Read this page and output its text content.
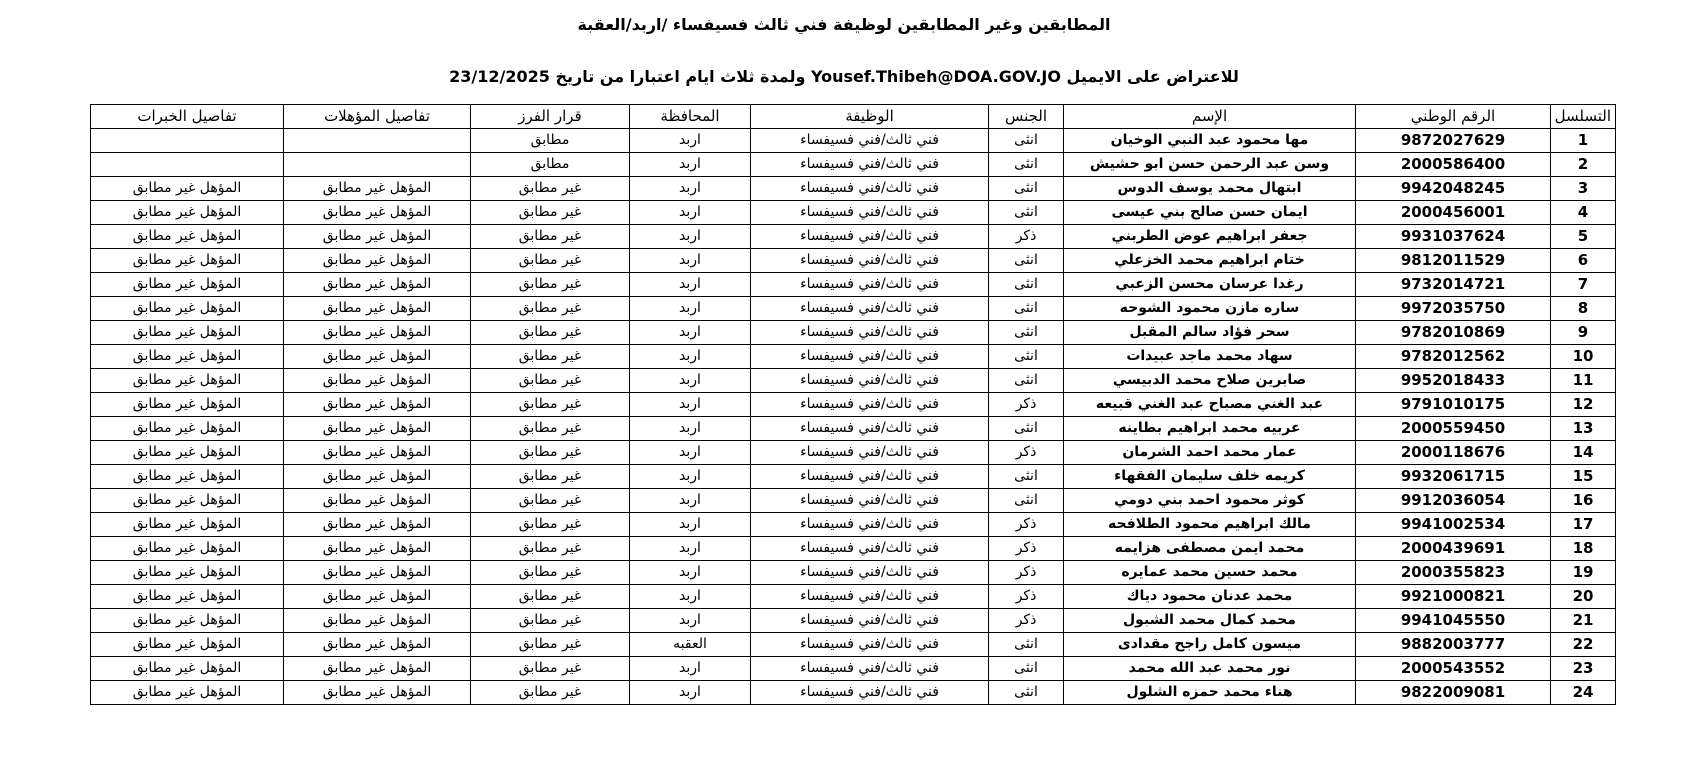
المطابقين وغير المطابقين لوظيفة فني ثالث فسيفساء /اربد/العقبة
للاعتراض على الايميل Yousef.Thibeh@DOA.GOV.JO ولمدة ثلاث ايام اعتبارا من تاريخ 23/12/2025
التسلسل	الرقم الوطني	الإسم	الجنس	الوظيفة	المحافظة	قرار الفرز	تفاصيل المؤهلات	تفاصيل الخبرات
1	9872027629	مها محمود عبد النبي الوخيان	انثى	فني ثالث/فني فسيفساء	اربد	مطابق		
2	2000586400	وسن عبد الرحمن حسن ابو حشيش	انثى	فني ثالث/فني فسيفساء	اربد	مطابق		
3	9942048245	ابتهال محمد يوسف الدوس	انثى	فني ثالث/فني فسيفساء	اربد	غير مطابق	المؤهل غير مطابق	المؤهل غير مطابق
4	2000456001	ايمان حسن صالح بني عيسى	انثى	فني ثالث/فني فسيفساء	اربد	غير مطابق	المؤهل غير مطابق	المؤهل غير مطابق
5	9931037624	جعفر ابراهيم عوض الطربني	ذكر	فني ثالث/فني فسيفساء	اربد	غير مطابق	المؤهل غير مطابق	المؤهل غير مطابق
6	9812011529	ختام ابراهيم محمد الخزعلي	انثى	فني ثالث/فني فسيفساء	اربد	غير مطابق	المؤهل غير مطابق	المؤهل غير مطابق
7	9732014721	رغدا عرسان محسن الزعبي	انثى	فني ثالث/فني فسيفساء	اربد	غير مطابق	المؤهل غير مطابق	المؤهل غير مطابق
8	9972035750	ساره مازن محمود الشوحه	انثى	فني ثالث/فني فسيفساء	اربد	غير مطابق	المؤهل غير مطابق	المؤهل غير مطابق
9	9782010869	سحر فؤاد سالم المقبل	انثى	فني ثالث/فني فسيفساء	اربد	غير مطابق	المؤهل غير مطابق	المؤهل غير مطابق
10	9782012562	سهاد محمد ماجد عبيدات	انثى	فني ثالث/فني فسيفساء	اربد	غير مطابق	المؤهل غير مطابق	المؤهل غير مطابق
11	9952018433	صابرين صلاح محمد الدبيسي	انثى	فني ثالث/فني فسيفساء	اربد	غير مطابق	المؤهل غير مطابق	المؤهل غير مطابق
12	9791010175	عبد الغني مصباح عبد الغني قبيعه	ذكر	فني ثالث/فني فسيفساء	اربد	غير مطابق	المؤهل غير مطابق	المؤهل غير مطابق
13	2000559450	عربيه محمد ابراهيم بطاينه	انثى	فني ثالث/فني فسيفساء	اربد	غير مطابق	المؤهل غير مطابق	المؤهل غير مطابق
14	2000118676	عمار محمد احمد الشرمان	ذكر	فني ثالث/فني فسيفساء	اربد	غير مطابق	المؤهل غير مطابق	المؤهل غير مطابق
15	9932061715	كريمه خلف سليمان الفقهاء	انثى	فني ثالث/فني فسيفساء	اربد	غير مطابق	المؤهل غير مطابق	المؤهل غير مطابق
16	9912036054	كوثر محمود احمد بني دومي	انثى	فني ثالث/فني فسيفساء	اربد	غير مطابق	المؤهل غير مطابق	المؤهل غير مطابق
17	9941002534	مالك ابراهيم محمود الطلافحه	ذكر	فني ثالث/فني فسيفساء	اربد	غير مطابق	المؤهل غير مطابق	المؤهل غير مطابق
18	2000439691	محمد ايمن مصطفى هزايمه	ذكر	فني ثالث/فني فسيفساء	اربد	غير مطابق	المؤهل غير مطابق	المؤهل غير مطابق
19	2000355823	محمد حسين محمد عمايره	ذكر	فني ثالث/فني فسيفساء	اربد	غير مطابق	المؤهل غير مطابق	المؤهل غير مطابق
20	9921000821	محمد عدنان محمود دياك	ذكر	فني ثالث/فني فسيفساء	اربد	غير مطابق	المؤهل غير مطابق	المؤهل غير مطابق
21	9941045550	محمد كمال محمد الشبول	ذكر	فني ثالث/فني فسيفساء	اربد	غير مطابق	المؤهل غير مطابق	المؤهل غير مطابق
22	9882003777	ميسون كامل راجح مقدادى	انثى	فني ثالث/فني فسيفساء	العقبه	غير مطابق	المؤهل غير مطابق	المؤهل غير مطابق
23	2000543552	نور محمد عبد الله محمد	انثى	فني ثالث/فني فسيفساء	اربد	غير مطابق	المؤهل غير مطابق	المؤهل غير مطابق
24	9822009081	هناء محمد حمزه الشلول	انثى	فني ثالث/فني فسيفساء	اربد	غير مطابق	المؤهل غير مطابق	المؤهل غير مطابق
